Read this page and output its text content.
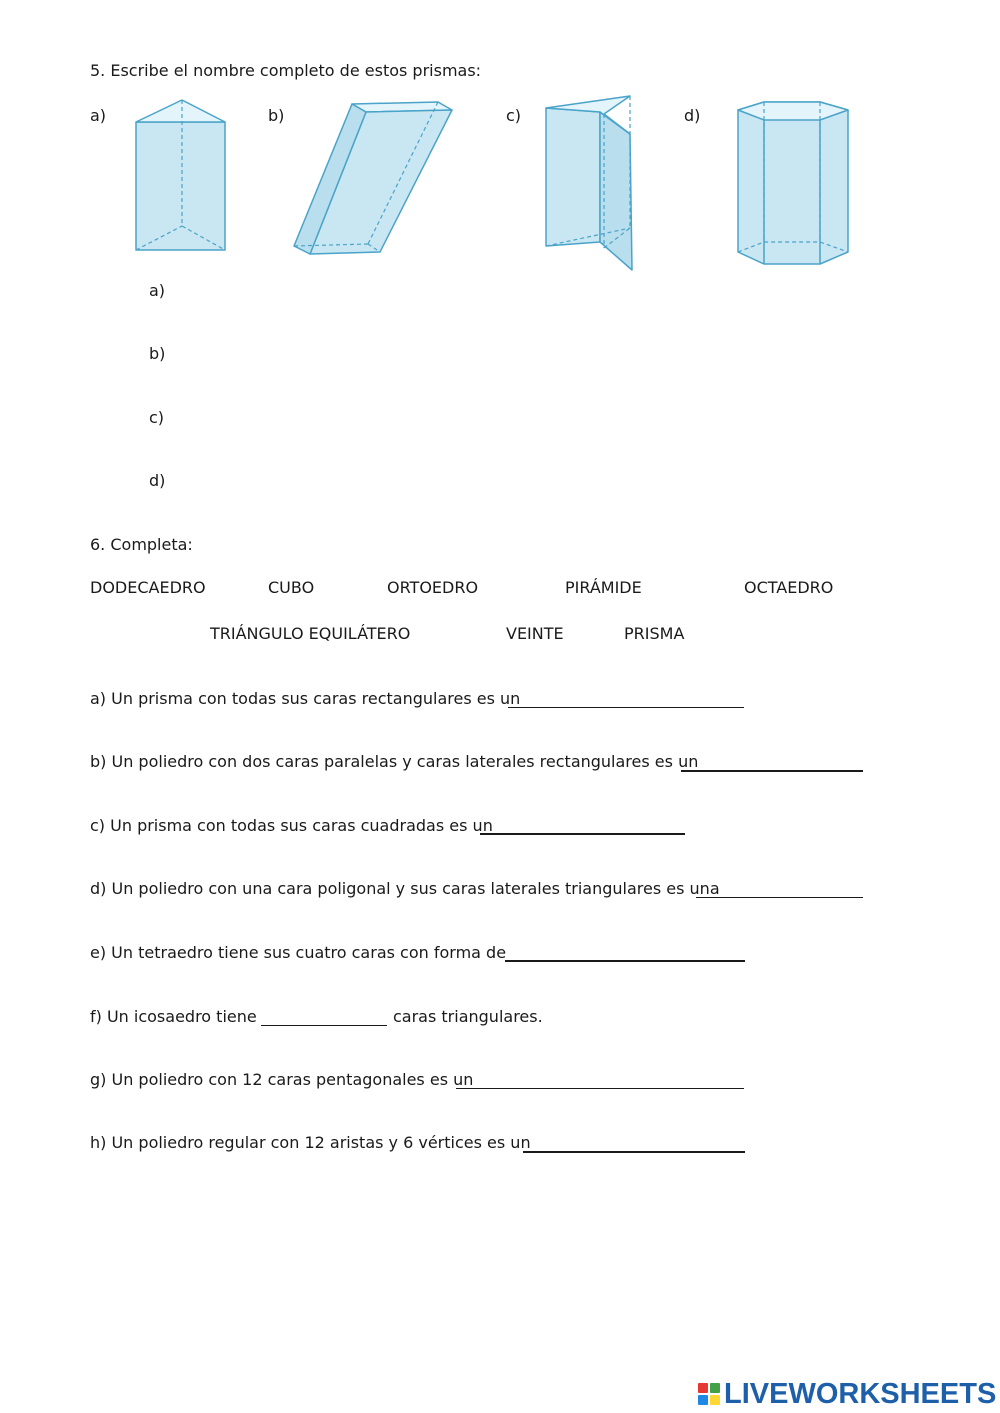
5. Escribe el nombre completo de estos prismas:
a)	b)	c)	d)
a)
b)
c)
d)
6. Completa:
DODECAEDRO	CUBO	ORTOEDRO	PIRÁMIDE	OCTAEDRO
TRIÁNGULO EQUILÁTERO	VEINTE	PRISMA
a) Un prisma con todas sus caras rectangulares es un
b) Un poliedro con dos caras paralelas y caras laterales rectangulares es un
c) Un prisma con todas sus caras cuadradas es un
d) Un poliedro con una cara poligonal y sus caras laterales triangulares es una
e) Un tetraedro tiene sus cuatro caras con forma de
f) Un icosaedro tiene	caras triangulares.
g) Un poliedro con 12 caras pentagonales es un
h) Un poliedro regular con 12 aristas y 6 vértices es un
LIVEWORKSHEETS
